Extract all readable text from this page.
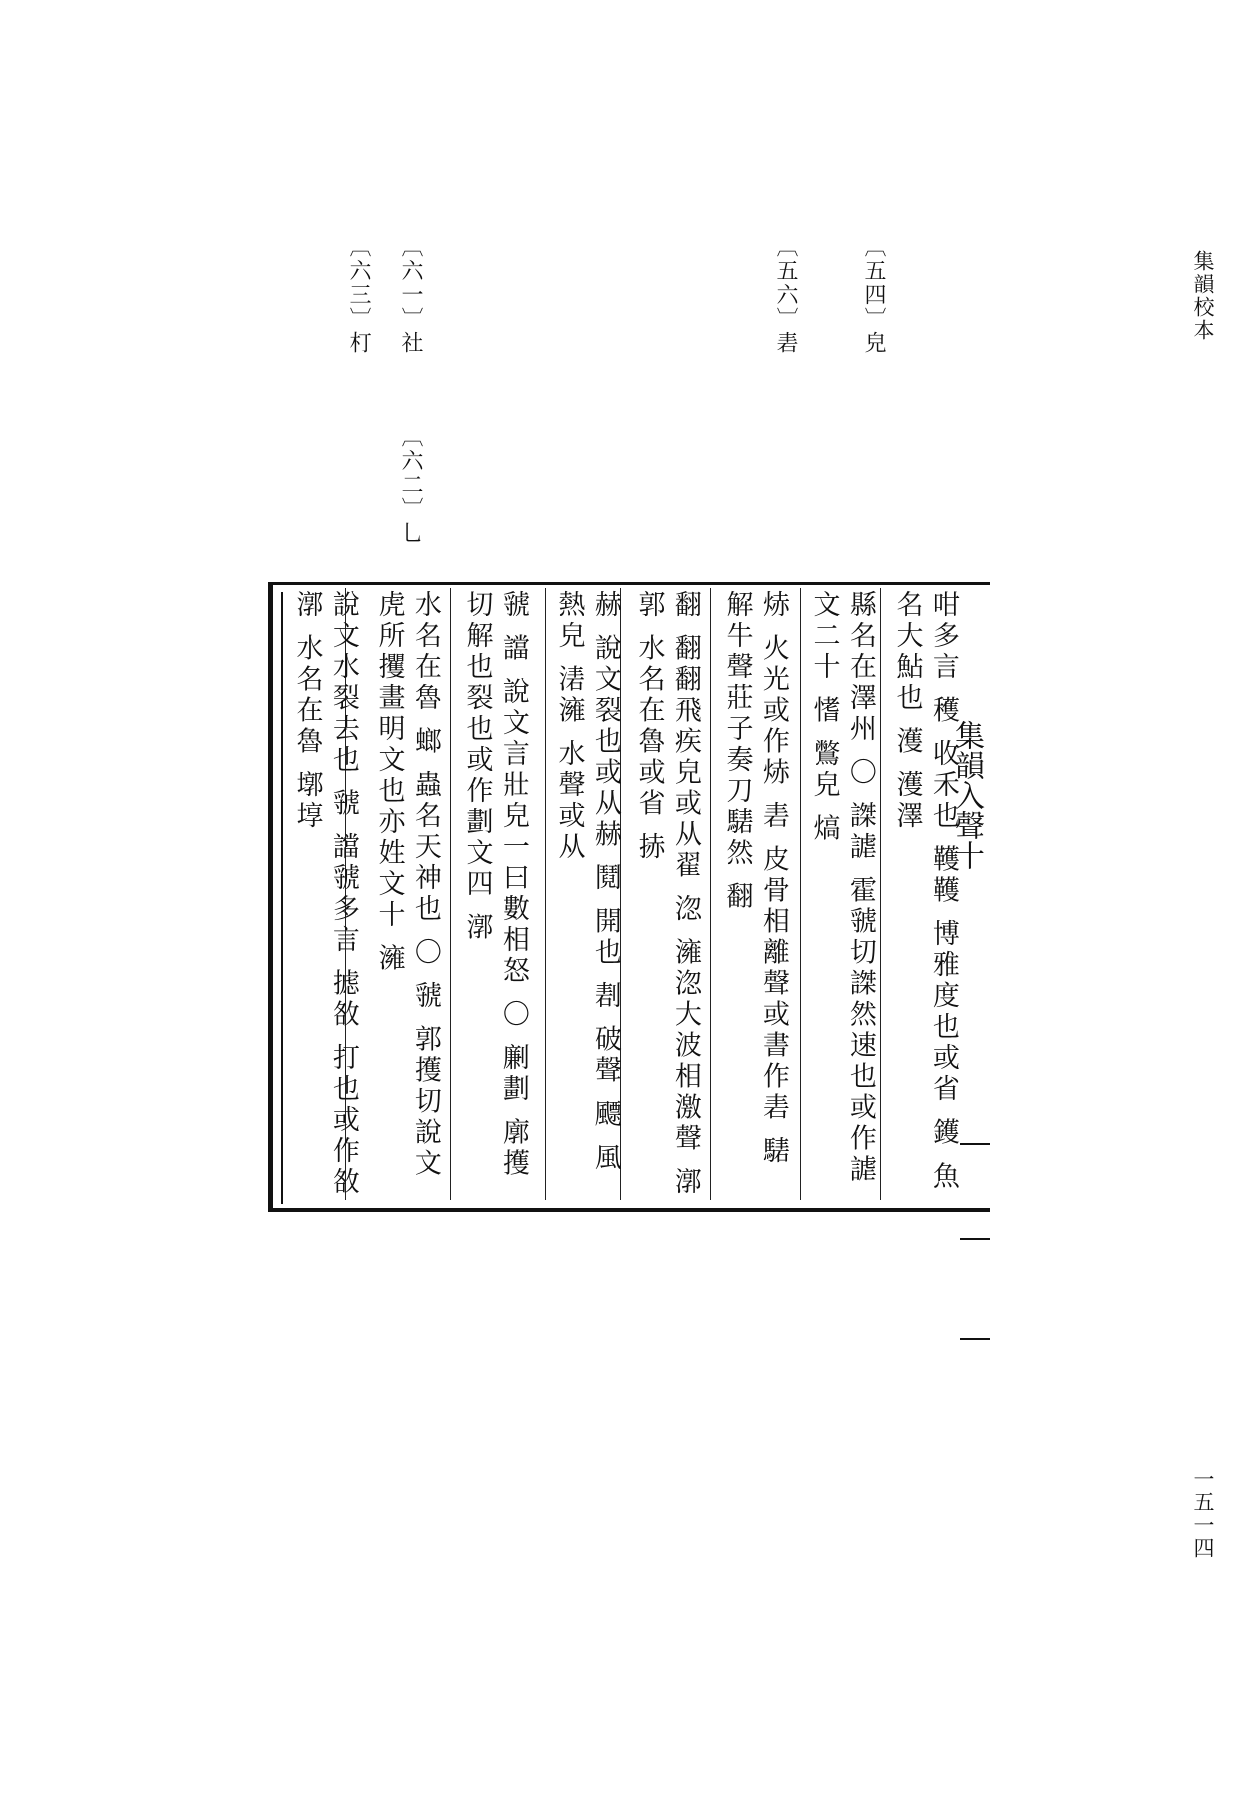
集韻校本
一五一四
〔五四〕皃
〔五六〕砉
〔六一〕社
〔六二〕乚
〔六三〕朾
集韻入聲十
咁多言 穫 收禾也 韄韄 博雅度也或省 鑊 魚名大鮎也 濩 濩澤
縣名在澤州 〇 謋謔 霍虢切謋然速也或作謔文二十 愭 鷩皃 熇
焃 火光或作焃 砉 皮骨相離聲或書作砉 騞 解牛聲莊子奏刀騞然 翻
翻 翻翻飛疾皃或从翟 淴 澭淴大波相激聲 漷郭 水名在魯或省 捇
赫 說文裂也或从赫 鬩 開也 剨 破聲 飃 風熱皃 湱澭 水聲或从
虢 譡 說文言壯皃一曰數相怒 〇 劆劃 廓擭切解也裂也或作劃文四 漷
水名在魯 螂 蟲名天神也 〇 虢 郭擭切說文虎所攫畫明文也亦姓文十 澭
說文水裂去也 虢 譡虢多言 摅敋 打也或作敋 漷 水名在魯 墎埻
